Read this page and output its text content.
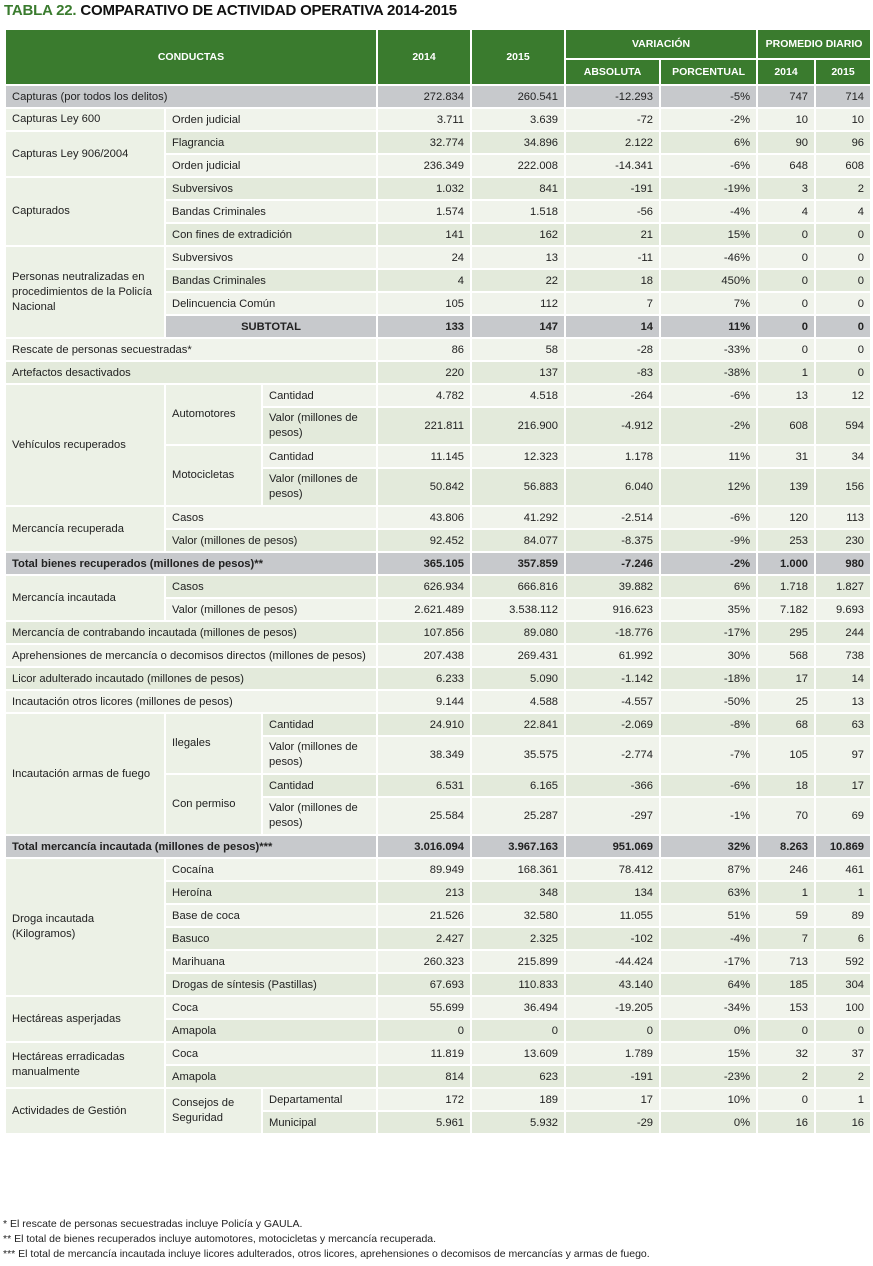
TABLA 22. COMPARATIVO DE ACTIVIDAD OPERATIVA 2014-2015
CONDUCTAS			2014	2015	VARIACIÓN		PROMEDIO DIARIO	
					ABSOLUTA	PORCENTUAL	2014	2015
Capturas (por todos los delitos)			272.834	260.541	-12.293	-5%	747	714
Capturas Ley 600	Orden judicial		3.711	3.639	-72	-2%	10	10
Capturas Ley 906/2004	Flagrancia		32.774	34.896	2.122	6%	90	96
	Orden judicial		236.349	222.008	-14.341	-6%	648	608
Capturados	Subversivos		1.032	841	-191	-19%	3	2
	Bandas Criminales		1.574	1.518	-56	-4%	4	4
	Con fines de extradición		141	162	21	15%	0	0
Personas neutralizadas en procedimientos de la Policía Nacional	Subversivos		24	13	-11	-46%	0	0
	Bandas Criminales		4	22	18	450%	0	0
	Delincuencia Común		105	112	7	7%	0	0
	SUBTOTAL		133	147	14	11%	0	0
Rescate de personas secuestradas*			86	58	-28	-33%	0	0
Artefactos desactivados			220	137	-83	-38%	1	0
Vehículos recuperados	Automotores	Cantidad	4.782	4.518	-264	-6%	13	12
		Valor (millones de pesos)	221.811	216.900	-4.912	-2%	608	594
	Motocicletas	Cantidad	11.145	12.323	1.178	11%	31	34
		Valor (millones de pesos)	50.842	56.883	6.040	12%	139	156
Mercancía recuperada	Casos		43.806	41.292	-2.514	-6%	120	113
	Valor (millones de pesos)		92.452	84.077	-8.375	-9%	253	230
Total bienes recuperados (millones de pesos)**			365.105	357.859	-7.246	-2%	1.000	980
Mercancía incautada	Casos		626.934	666.816	39.882	6%	1.718	1.827
	Valor (millones de pesos)		2.621.489	3.538.112	916.623	35%	7.182	9.693
Mercancía de contrabando incautada (millones de pesos)			107.856	89.080	-18.776	-17%	295	244
Aprehensiones de mercancía o decomisos directos (millones de pesos)			207.438	269.431	61.992	30%	568	738
Licor adulterado incautado (millones de pesos)			6.233	5.090	-1.142	-18%	17	14
Incautación otros licores (millones de pesos)			9.144	4.588	-4.557	-50%	25	13
Incautación armas de fuego	Ilegales	Cantidad	24.910	22.841	-2.069	-8%	68	63
		Valor (millones de pesos)	38.349	35.575	-2.774	-7%	105	97
	Con permiso	Cantidad	6.531	6.165	-366	-6%	18	17
		Valor (millones de pesos)	25.584	25.287	-297	-1%	70	69
Total mercancía incautada (millones de pesos)***			3.016.094	3.967.163	951.069	32%	8.263	10.869
Droga incautada (Kilogramos)	Cocaína		89.949	168.361	78.412	87%	246	461
	Heroína		213	348	134	63%	1	1
	Base de coca		21.526	32.580	11.055	51%	59	89
	Basuco		2.427	2.325	-102	-4%	7	6
	Marihuana		260.323	215.899	-44.424	-17%	713	592
	Drogas de síntesis (Pastillas)		67.693	110.833	43.140	64%	185	304
Hectáreas asperjadas	Coca		55.699	36.494	-19.205	-34%	153	100
	Amapola		0	0	0	0%	0	0
Hectáreas erradicadas manualmente	Coca		11.819	13.609	1.789	15%	32	37
	Amapola		814	623	-191	-23%	2	2
Actividades de Gestión	Consejos de Seguridad	Departamental	172	189	17	10%	0	1
		Municipal	5.961	5.932	-29	0%	16	16
* El rescate de personas secuestradas incluye Policía y GAULA.
** El total de bienes recuperados incluye automotores, motocicletas y mercancía recuperada.
*** El total de mercancía incautada incluye licores adulterados, otros licores, aprehensiones o decomisos de mercancías y armas de fuego.
